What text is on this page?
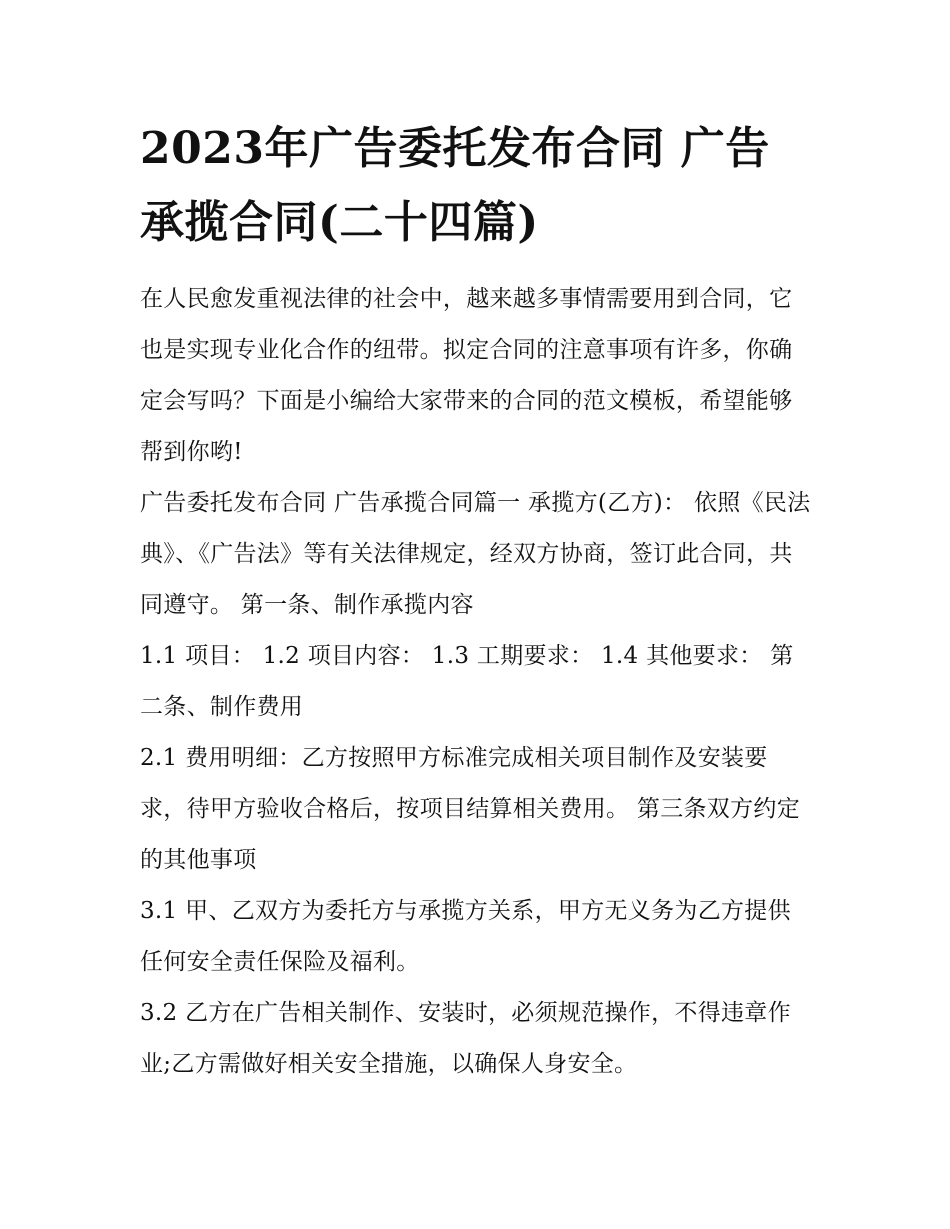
2023年广告委托发布合同 广告承揽合同(二十四篇)

在人民愈发重视法律的社会中，越来越多事情需要用到合同，它也是实现专业化合作的纽带。拟定合同的注意事项有许多，你确定会写吗？下面是小编给大家带来的合同的范文模板，希望能够帮到你哟!

广告委托发布合同 广告承揽合同篇一 承揽方(乙方)： 依照《民法典》、《广告法》等有关法律规定，经双方协商，签订此合同，共同遵守。 第一条、制作承揽内容

1.1 项目： 1.2 项目内容： 1.3 工期要求： 1.4 其他要求： 第二条、制作费用

2.1 费用明细：乙方按照甲方标准完成相关项目制作及安装要求，待甲方验收合格后，按项目结算相关费用。 第三条双方约定的其他事项

3.1 甲、乙双方为委托方与承揽方关系，甲方无义务为乙方提供任何安全责任保险及福利。

3.2 乙方在广告相关制作、安装时，必须规范操作，不得违章作业;乙方需做好相关安全措施，以确保人身安全。
